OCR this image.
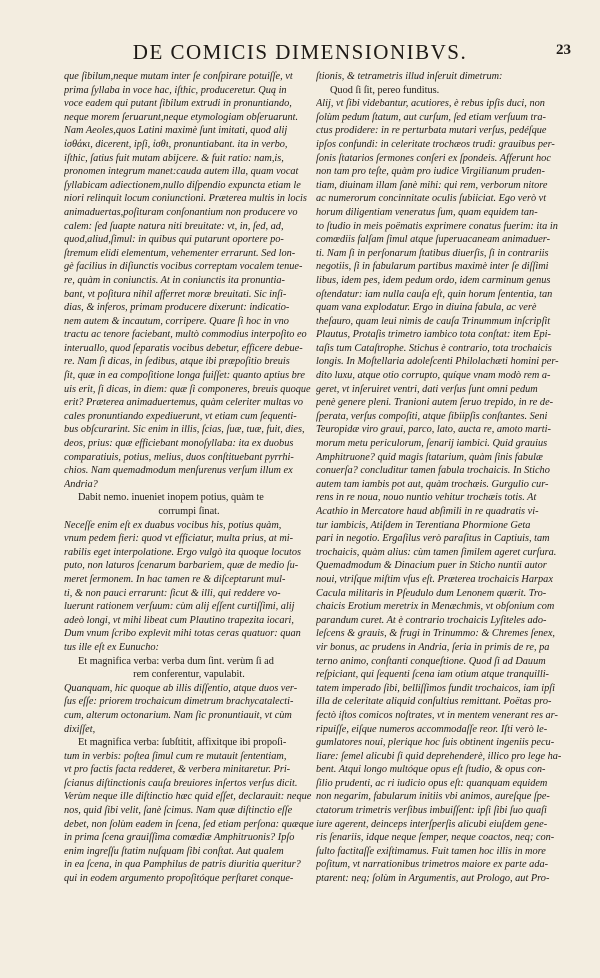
DE COMICIS DIMENSIONIBVS.	23
que ſibilum,neque mutam inter ſe conſpirare potuiſſe, vt
prima ſyllaba in voce hac, iſthic, produceretur. Quą in
voce eadem qui putant ſibilum extrudi in pronuntiando,
neque morem ſeruarunt,neque etymologiam obſeruarunt.
Nam Aeoles,quos Latini maximè ſunt imitati, quod alij
ἰσθάκι, dicerent, ipſi, ἰσθι, pronuntiabant. ita in verbo,
iſthic, ſatius fuit mutam abijcere. & fuit ratio: nam,is,
pronomen integrum manet:cauda autem illa, quam vocat
ſyllabicam adiectionem,nullo diſpendio expuncta etiam le
niori relinquit locum coniunctioni. Præterea multis in locis
animaduertas,poſituram conſonantium non producere vo
calem: ſed ſuapte natura niti breuitate: vt, in, ſed, ad,
quod,aliud,ſimul: in quibus qui putarunt oportere po-
ſtremum elidi elementum, vehementer errarunt. Sed lon-
gè facilius in diſiunctis vocibus correptam vocalem tenue-
re, quàm in coniunctis. At in coniunctis ita pronuntia-
bant, vt poſitura nihil afferret moræ breuitati. Sic inſi-
dias, & inferos, primam producere dixerunt: indicatio-
nem autem & incautum, corripere. Quare ſi hoc in vno
tractu ac tenore faciebant, multò commodius interpoſito eo
interuallo, quod ſeparatis vocibus debetur, efficere debue-
re. Nam ſi dicas, in ſedibus, atque ibi præpoſitio breuis
ſit, quæ in ea compoſitione longa fuiſſet: quanto aptius bre
uis erit, ſi dicas, in diem: quæ ſi componeres, breuis quoque
erit? Præterea animaduertemus, quàm celeriter multas vo
cales pronuntiando expediuerunt, vt etiam cum ſequenti-
bus obſcurarint. Sic enim in illis, ſcias, ſuæ, tuæ, fuit, dies,
deos, prius: quæ efficiebant monoſyllaba: ita ex duobus
comparatiuis, potius, melius, duos conſtituebant pyrrhi-
chios. Nam quemadmodum menſurenus verſum illum ex
Andria?
Dabit nemo. inueniet inopem potius, quàm te
corrumpi ſinat.
Neceſſe enim eſt ex duabus vocibus his, potius quàm,
vnum pedem fieri: quod vt efficiatur, multa prius, at mi-
rabilis eget interpolatione. Ergo vulgò ita quoque locutos
puto, non laturos ſcenarum barbariem, quæ de medio ſu-
meret ſermonem. In hac tamen re & diſceptarunt mul-
ti, & non pauci errarunt: ſicut & illi, qui reddere vo-
luerunt rationem verſuum: cùm alij eſſent curtiſſimi, alij
adeò longi, vt mihi libeat cum Plautino trapezita iocari,
Dum vnum ſcribo explevit mihi totas ceras quatuor: quan
tus ille eſt ex Eunucho:
Et magnifica verba: verba dum ſint. verùm ſi ad
rem conferentur, vapulabit.
Quanquam, hic quoque ab illis diſſentio, atque duos ver-
ſus eſſe: priorem trochaicum dimetrum brachycatalecti-
cum, alterum octonarium. Nam ſic pronuntiauit, vt cùm
dixiſſet,
Et magnifica verba: ſubſtitit, affixitque ibi propoſi-
tum in verbis: poſtea ſimul cum re mutauit ſententiam,
vt pro factis facta redderet, & verbera minitaretur. Pri-
ſcianus diſtinctionis cauſa breuiores inſertos verſus dicit.
Verùm neque ille diſtinctio hæc quid eſſet, declarauit: neque
nos, quid ſibi velit, ſanè ſcimus. Nam quæ diſtinctio eſſe
debet, non ſolùm eadem in ſcena, ſed etiam perſona: quæque
in prima ſcena grauiſſima comœdiæ Amphitruonis? Ipſo
enim ingreſſu ſtatim nuſquam ſibi conſtat. Aut qualem
in ea ſcena, in qua Pamphilus de patris diuritia queritur?
qui in eodem argumento propoſitóque perſtaret conque-
ſtionis, & tetrametris illud inſeruit dimetrum:
Quod ſi ſit, pereo funditus.
Alij, vt ſibi videbantur, acutiores, è rebus ipſis duci, non
ſolùm pedum ſtatum, aut curſum, ſed etiam verſuum tra-
ctus prodidere: in re perturbata mutari verſus, pedéſque
ipſos confundi: in celeritate trochæos trudi: grauibus per-
ſonis ſtatarios ſermones conſeri ex ſpondeis. Afferunt hoc
non tam pro teſte, quàm pro iudice Virgilianum pruden-
tiam, diuinam illam ſanè mihi: qui rem, verborum nitore
ac numerorum concinnitate oculis ſubiiciat. Ego verò vt
horum diligentiam veneratus ſum, quam equidem tan-
to ſtudio in meis poëmatis exprimere conatus fuerim: ita in
comœdiis falſam ſimul atque ſuperuacaneam animaduer-
ti. Nam ſi in perſonarum ſtatibus diuerſis, ſi in contrariis
negotiis, ſi in fabularum partibus maximè inter ſe diſſimi
libus, idem pes, idem pedum ordo, idem carminum genus
oſtendatur: iam nulla cauſa eſt, quin horum ſententia, tan
quam vana explodatur. Ergo in diuina fabula, ac verè
theſauro, quam leui nimis de cauſa Trinummum inſcripſit
Plautus, Protaſis trimetro iambico tota conſtat: item Epi-
taſis tum Cataſtrophe. Stichus è contrario, tota trochaicis
longis. In Moſtellaria adoleſcenti Philolachæti homini per-
dito luxu, atque otio corrupto, quíque vnam modò rem a-
geret, vt inſeruiret ventri, dati verſus ſunt omni pedum
penè genere pleni. Tranioni autem ſeruo trepido, in re de-
ſperata, verſus compoſiti, atque ſibiipſis conſtantes. Seni
Teuropidæ viro graui, parco, lato, aucta re, amoto marti-
morum metu periculorum, ſenarij iambici. Quid grauius
Amphitruone? quid magis ſtatarium, quàm ſinis fabulæ
conuerſa? concluditur tamen fabula trochaicis. In Sticho
autem tam iambis pot aut, quàm trochæis. Gurgulio cur-
rens in re noua, nouo nuntio vehitur trochæis totis. At
Acathio in Mercatore haud abſimili in re quadratis vi-
tur iambicis, Atiſdem in Terentiana Phormione Geta
pari in negotio. Ergaſilus verò paraſitus in Captiuis, tam
trochaicis, quàm alius: cùm tamen ſimilem ageret curſura.
Quemadmodum & Dinacium puer in Sticho nuntii autor
noui, vtriſque miſtim vſus eſt. Præterea trochaicis Harpax
Cacula militaris in Pſeudulo dum Lenonem quærit. Tro-
chaicis Erotium meretrix in Menæchmis, vt obſonium com
parandum curet. At è contrario trochaicis Lyſiteles ado-
leſcens & grauis, & frugi in Trinummo: & Chremes ſenex,
vir bonus, ac prudens in Andria, ſeria in primis de re, pa
terno animo, conſtanti conqueſtione. Quod ſi ad Dauum
reſpiciant, qui ſequenti ſcena iam otium atque tranquilli-
tatem imperado ſibi, belliſſimos fundit trochaicos, iam ipſi
illa de celeritate aliquid conſultius remittant. Poëtas pro-
fectò iſtos comicos noſtrates, vt in mentem venerant res ar-
ripuiſſe, eiſque numeros accommodaſſe reor. Iſti verò le-
gumlatores noui, plerique hoc ſuis obtinent ingeniis pecu-
liare: ſemel alicubi ſi quid deprehenderè, illico pro lege ha-
bent. Atqui longo multóque opus eſt ſtudio, & opus con-
ſilio prudenti, ac ri iudicio opus eſt: quanquam equidem
non negarim, fabularum initiis vbi animos, aureſque ſpe-
ctatorum trimetris verſibus imbuiſſent: ipſi ſibi ſuo quaſi
iure agerent, deinceps interſperſis alicubi eiuſdem gene-
ris ſenariis, idque neque ſemper, neque coactos, neq; con-
ſulto factitaſſe exiſtimamus. Fuit tamen hoc illis in more
poſitum, vt narrationibus trimetros maiore ex parte ada-
ptarent: neq; ſolùm in Argumentis, aut Prologo, aut Pro-
